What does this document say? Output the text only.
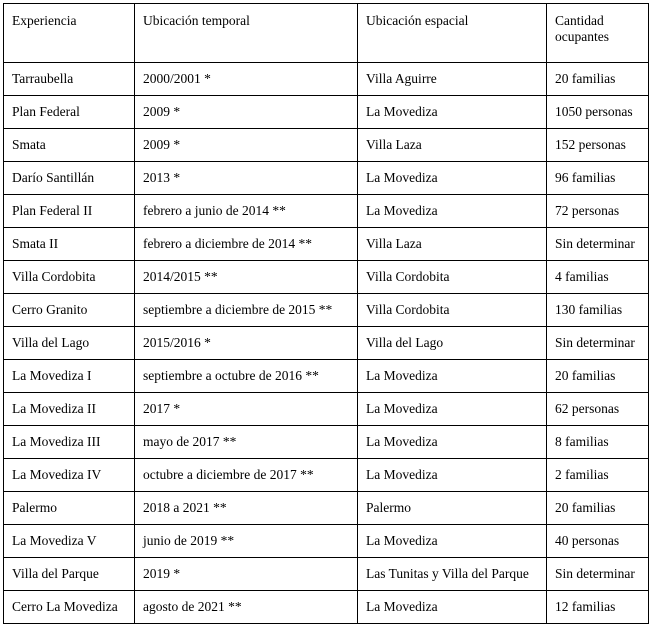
Experiencia	Ubicación temporal	Ubicación espacial	Cantidad ocupantes
Tarraubella	2000/2001 *	Villa Aguirre	20 familias
Plan Federal	2009 *	La Movediza	1050 personas
Smata	2009 *	Villa Laza	152 personas
Darío Santillán	2013 *	La Movediza	96 familias
Plan Federal II	febrero a junio de 2014 **	La Movediza	72 personas
Smata II	febrero a diciembre de 2014 **	Villa Laza	Sin determinar
Villa Cordobita	2014/2015 **	Villa Cordobita	4 familias
Cerro Granito	septiembre a diciembre de 2015 **	Villa Cordobita	130 familias
Villa del Lago	2015/2016 *	Villa del Lago	Sin determinar
La Movediza I	septiembre a octubre de 2016 **	La Movediza	20 familias
La Movediza II	2017 *	La Movediza	62 personas
La Movediza III	mayo de 2017 **	La Movediza	8 familias
La Movediza IV	octubre a diciembre de 2017 **	La Movediza	2 familias
Palermo	2018 a 2021 **	Palermo	20 familias
La Movediza V	junio de 2019 **	La Movediza	40 personas
Villa del Parque	2019 *	Las Tunitas y Villa del Parque	Sin determinar
Cerro La Movediza	agosto de 2021 **	La Movediza	12 familias
